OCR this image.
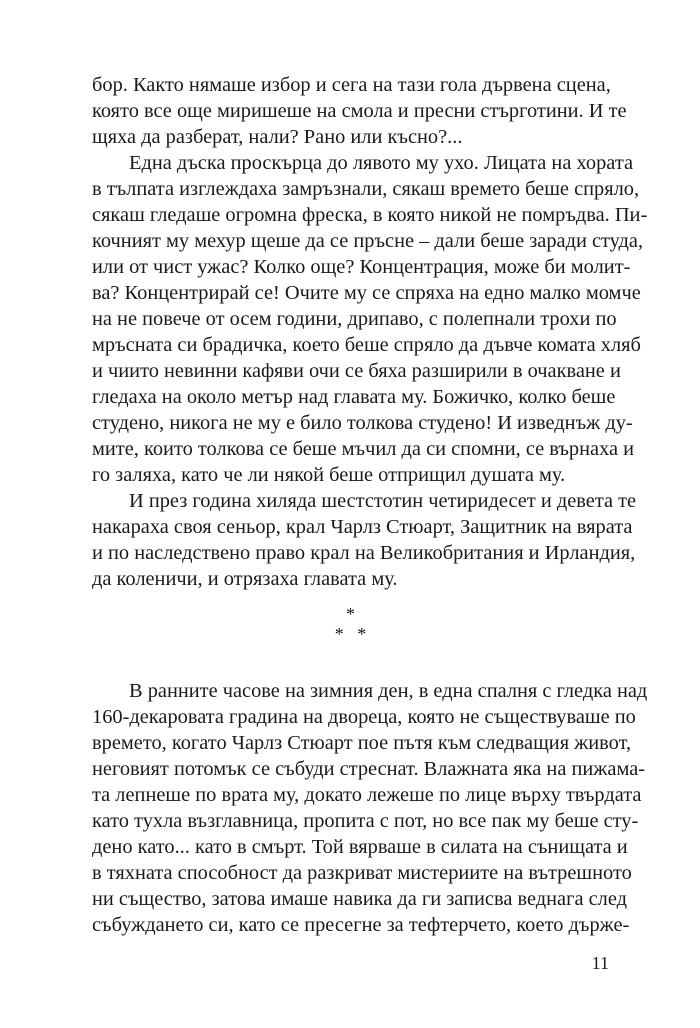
бор. Както нямаше избор и сега на тази гола дървена сцена,
която все още миришеше на смола и пресни стърготини. И те
щяха да разберат, нали? Рано или късно?...
Една дъска проскърца до лявото му ухо. Лицата на хората
в тълпата изглеждаха замръзнали, сякаш времето беше спряло,
сякаш гледаше огромна фреска, в която никой не помръдва. Пи-
кочният му мехур щеше да се пръсне – дали беше заради студа,
или от чист ужас? Колко още? Концентрация, може би молит-
ва? Концентрирай се! Очите му се спряха на едно малко момче
на не повече от осем години, дрипаво, с полепнали трохи по
мръсната си брадичка, което беше спряло да дъвче комата хляб
и чиито невинни кафяви очи се бяха разширили в очакване и
гледаха на около метър над главата му. Божичко, колко беше
студено, никога не му е било толкова студено! И изведнъж ду-
мите, които толкова се беше мъчил да си спомни, се върнаха и
го заляха, като че ли някой беше отприщил душата му.
И през година хиляда шестстотин четиридесет и девета те
накараха своя сеньор, крал Чарлз Стюарт, Защитник на вярата
и по наследствено право крал на Великобритания и Ирландия,
да коленичи, и отрязаха главата му.
*
*   *
В ранните часове на зимния ден, в една спалня с гледка над
160-декаровата градина на двореца, която не съществуваше по
времето, когато Чарлз Стюарт пое пътя към следващия живот,
неговият потомък се събуди стреснат. Влажната яка на пижама-
та лепнеше по врата му, докато лежеше по лице върху твърдата
като тухла възглавница, пропита с пот, но все пак му беше сту-
дено като... като в смърт. Той вярваше в силата на сънищата и
в тяхната способност да разкриват мистериите на вътрешното
ни същество, затова имаше навика да ги записва веднага след
събуждането си, като се пресегне за тефтерчето, което държе-
11
